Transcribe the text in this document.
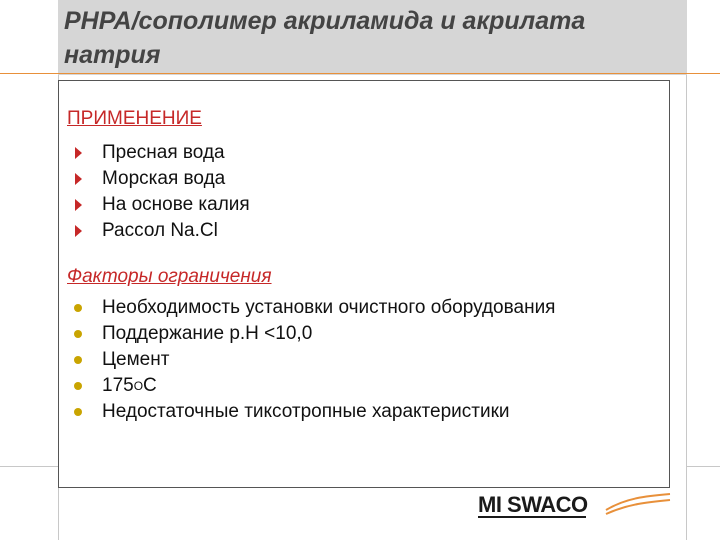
PHPA/сополимер акриламида и акрилата натрия
ПРИМЕНЕНИЕ
Пресная вода
Морская вода
На основе калия
Рассол Na.Cl
Факторы ограничения
Необходимость установки очистного оборудования
Поддержание р.H <10,0
Цемент
175 O C
Недостаточные тиксотропные характеристики
MI SWACO
